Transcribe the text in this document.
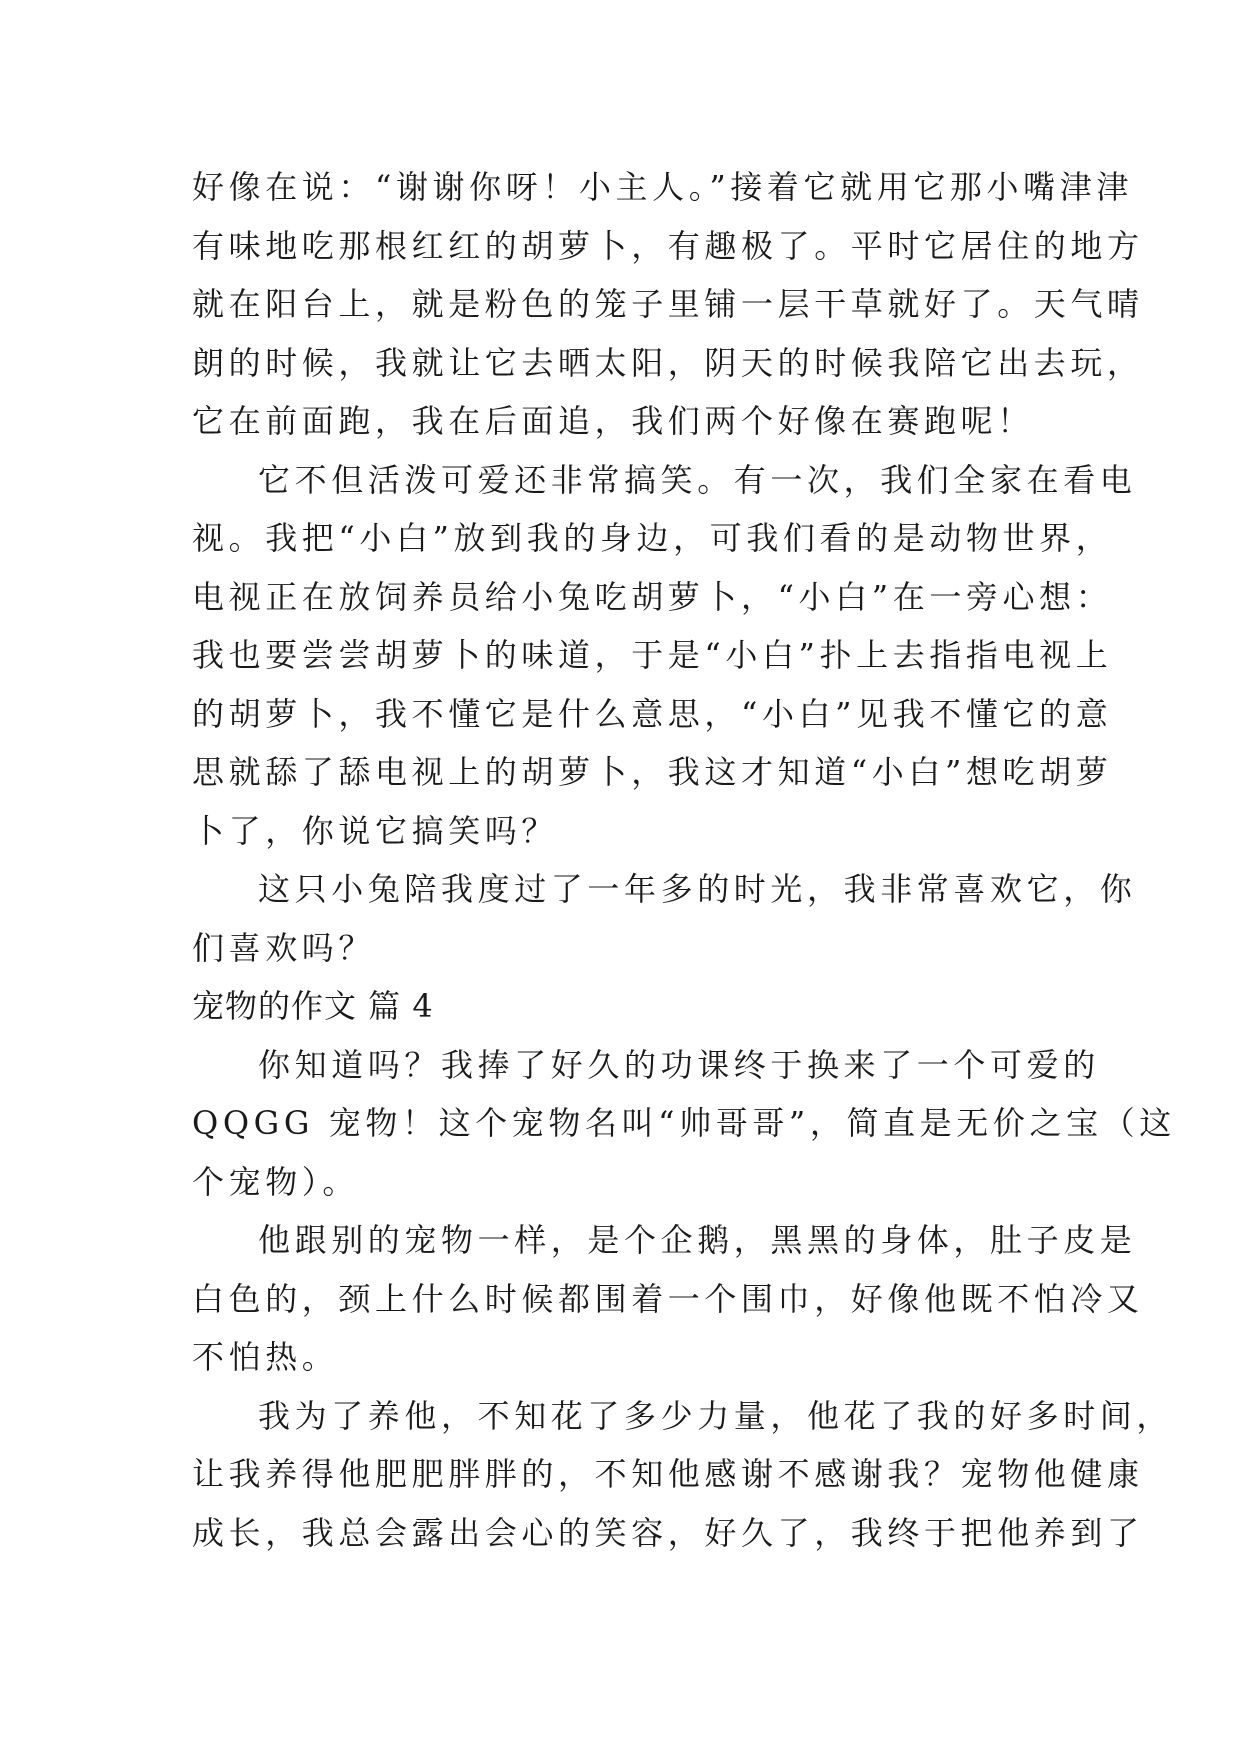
好像在说：“谢谢你呀！小主人。”接着它就用它那小嘴津津
有味地吃那根红红的胡萝卜，有趣极了。平时它居住的地方
就在阳台上，就是粉色的笼子里铺一层干草就好了。天气晴
朗的时候，我就让它去晒太阳，阴天的时候我陪它出去玩，
它在前面跑，我在后面追，我们两个好像在赛跑呢！
它不但活泼可爱还非常搞笑。有一次，我们全家在看电
视。我把“小白”放到我的身边，可我们看的是动物世界，
电视正在放饲养员给小兔吃胡萝卜，“小白”在一旁心想：
我也要尝尝胡萝卜的味道，于是“小白”扑上去指指电视上
的胡萝卜，我不懂它是什么意思，“小白”见我不懂它的意
思就舔了舔电视上的胡萝卜，我这才知道“小白”想吃胡萝
卜了，你说它搞笑吗？
这只小兔陪我度过了一年多的时光，我非常喜欢它，你
们喜欢吗？
宠物的作文 篇 4
你知道吗？我捧了好久的功课终于换来了一个可爱的
QQGG 宠物！这个宠物名叫“帅哥哥”，简直是无价之宝（这
个宠物）。
他跟别的宠物一样，是个企鹅，黑黑的身体，肚子皮是
白色的，颈上什么时候都围着一个围巾，好像他既不怕冷又
不怕热。
我为了养他，不知花了多少力量，他花了我的好多时间，
让我养得他肥肥胖胖的，不知他感谢不感谢我？宠物他健康
成长，我总会露出会心的笑容，好久了，我终于把他养到了
